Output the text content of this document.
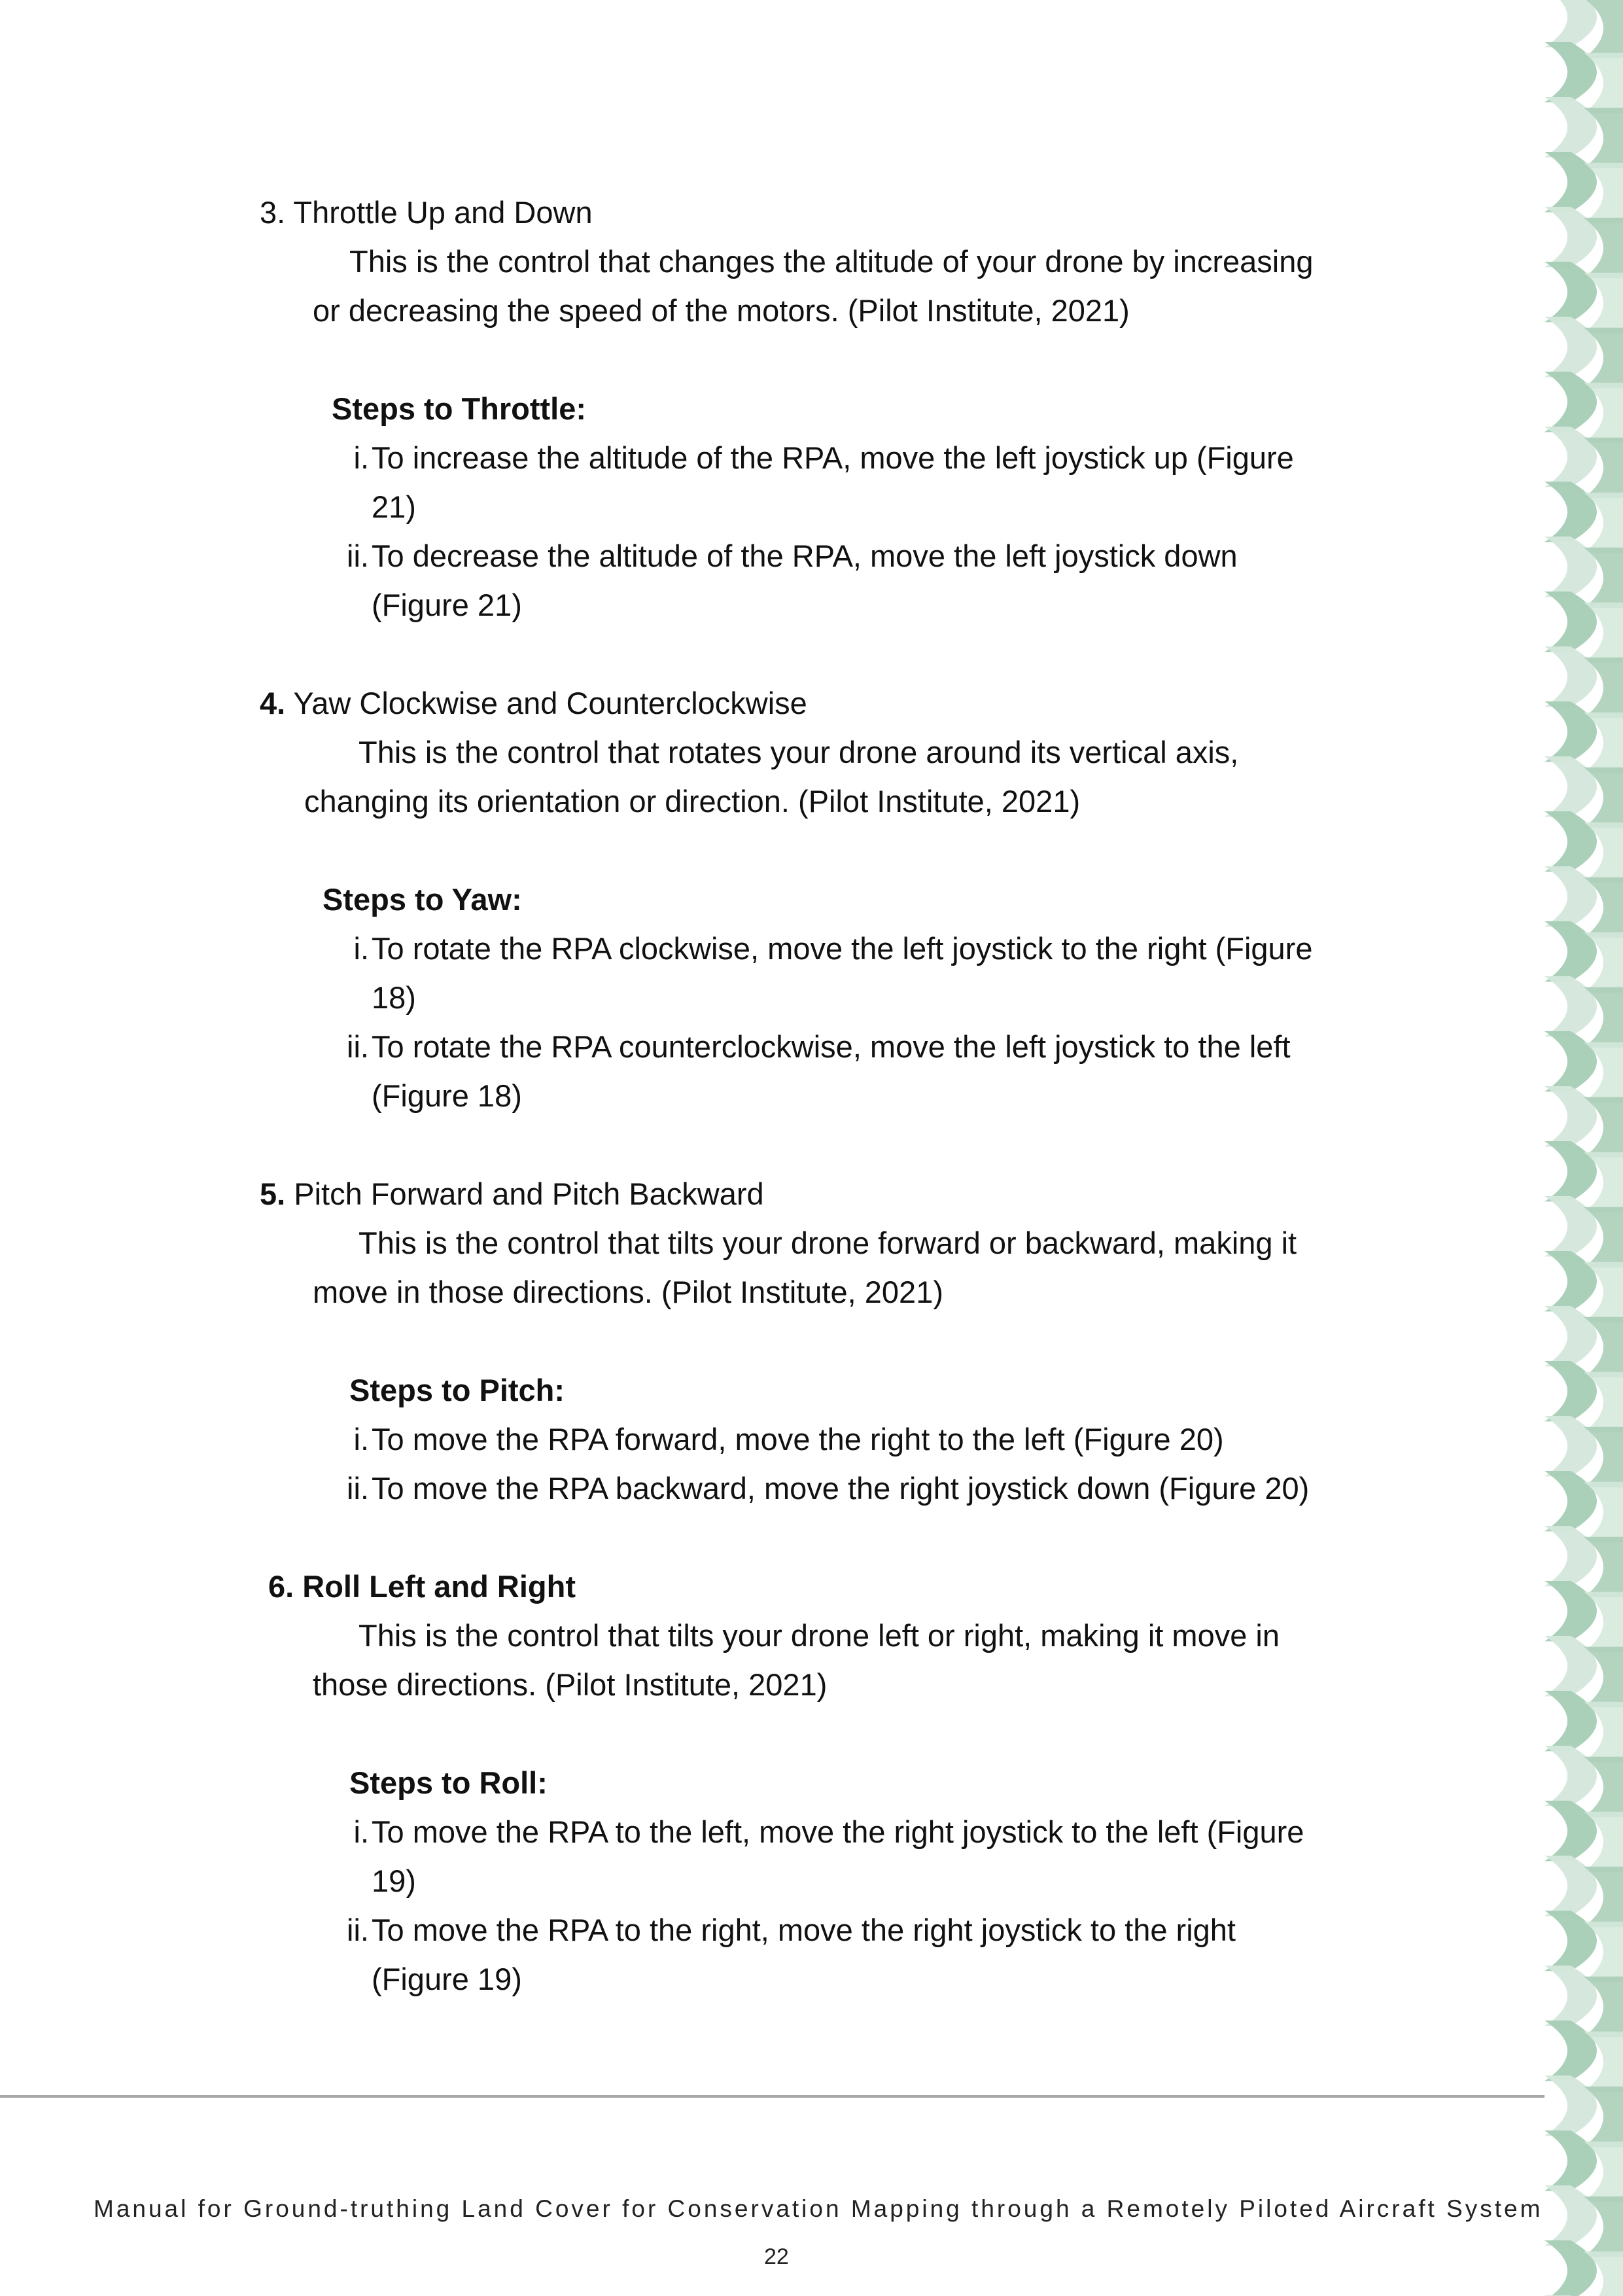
3. Throttle Up and Down
This is the control that changes the altitude of your drone by increasing
or decreasing the speed of the motors. (Pilot Institute, 2021)
Steps to Throttle:
i. To increase the altitude of the RPA, move the left joystick up (Figure
21)
ii. To decrease the altitude of the RPA, move the left joystick down
(Figure 21)
4. Yaw Clockwise and Counterclockwise
This is the control that rotates your drone around its vertical axis,
changing its orientation or direction. (Pilot Institute, 2021)
Steps to Yaw:
i. To rotate the RPA clockwise, move the left joystick to the right (Figure
18)
ii. To rotate the RPA counterclockwise, move the left joystick to the left
(Figure 18)
5. Pitch Forward and Pitch Backward
This is the control that tilts your drone forward or backward, making it
move in those directions. (Pilot Institute, 2021)
Steps to Pitch:
i. To move the RPA forward, move the right to the left (Figure 20)
ii. To move the RPA backward, move the right joystick down (Figure 20)
6. Roll Left and Right
This is the control that tilts your drone left or right, making it move in
those directions. (Pilot Institute, 2021)
Steps to Roll:
i. To move the RPA to the left, move the right joystick to the left (Figure
19)
ii. To move the RPA to the right, move the right joystick to the right
(Figure 19)
Manual for Ground-truthing Land Cover for Conservation Mapping through a Remotely Piloted Aircraft System
22
